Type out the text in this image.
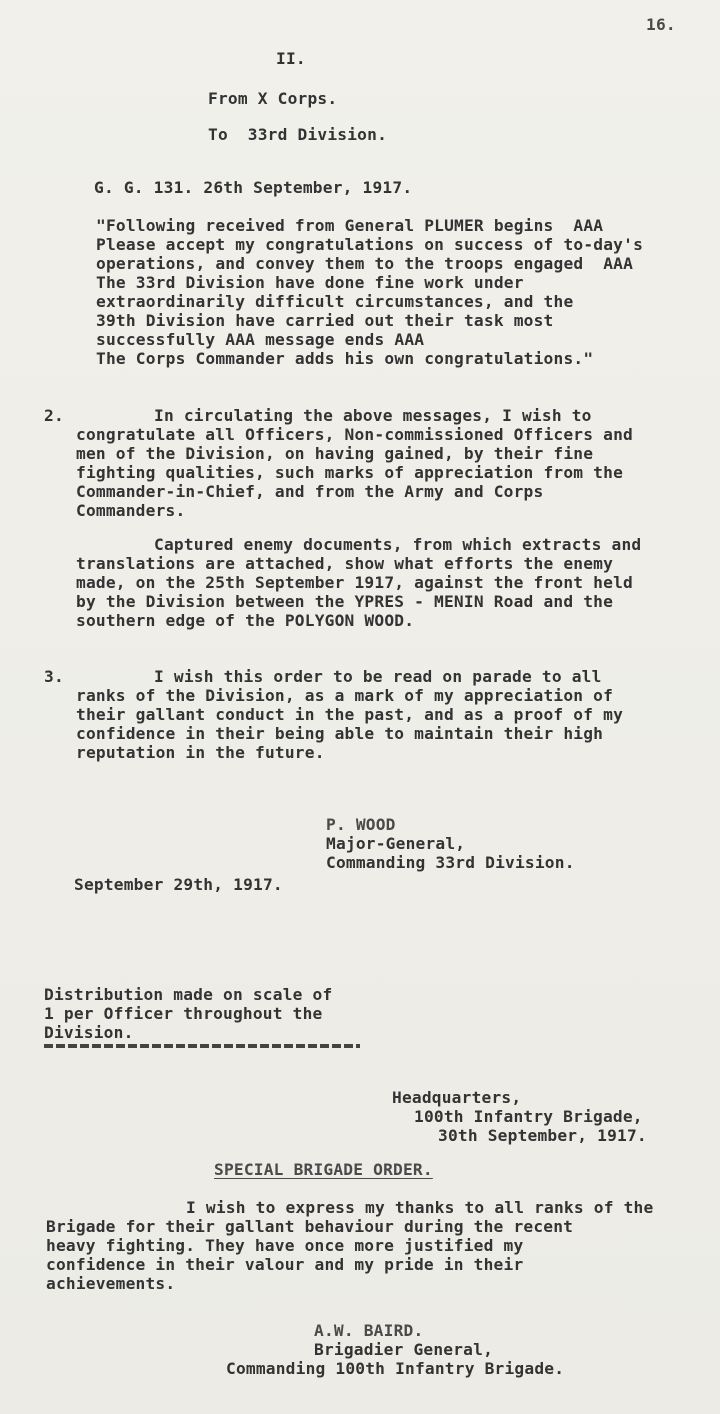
16.
II.
From X Corps.
To  33rd Division.
G. G. 131. 26th September, 1917.
"Following received from General PLUMER begins  AAA
Please accept my congratulations on success of to-day's
operations, and convey them to the troops engaged  AAA
The 33rd Division have done fine work under
extraordinarily difficult circumstances, and the
39th Division have carried out their task most
successfully AAA message ends AAA
The Corps Commander adds his own congratulations."
2.	In circulating the above messages, I wish to
congratulate all Officers, Non-commissioned Officers and
men of the Division, on having gained, by their fine
fighting qualities, such marks of appreciation from the
Commander-in-Chief, and from the Army and Corps
Commanders.
Captured enemy documents, from which extracts and
translations are attached, show what efforts the enemy
made, on the 25th September 1917, against the front held
by the Division between the YPRES - MENIN Road and the
southern edge of the POLYGON WOOD.
3.	I wish this order to be read on parade to all
ranks of the Division, as a mark of my appreciation of
their gallant conduct in the past, and as a proof of my
confidence in their being able to maintain their high
reputation in the future.
P. WOOD
Major-General,
Commanding 33rd Division.
September 29th, 1917.
Distribution made on scale of
1 per Officer throughout the
Division.
Headquarters,
100th Infantry Brigade,
30th September, 1917.
SPECIAL BRIGADE ORDER.
I wish to express my thanks to all ranks of the
Brigade for their gallant behaviour during the recent
heavy fighting. They have once more justified my
confidence in their valour and my pride in their
achievements.
A.W. BAIRD.
Brigadier General,
Commanding 100th Infantry Brigade.
